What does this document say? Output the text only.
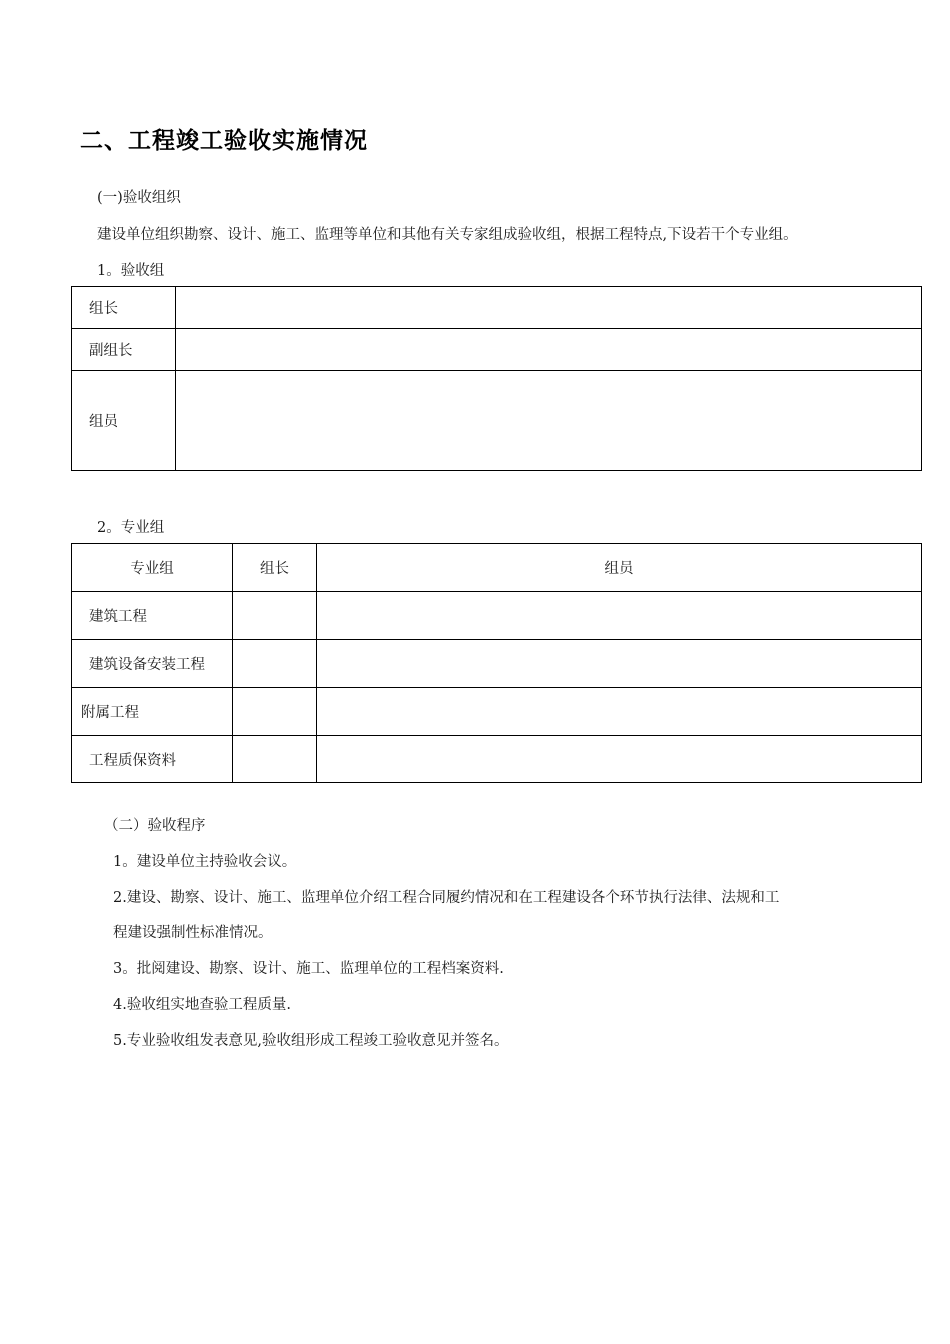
二、工程竣工验收实施情况
(一)验收组织
建设单位组织勘察、设计、施工、监理等单位和其他有关专家组成验收组，根据工程特点,下设若干个专业组。
1。验收组
组长	
副组长	
组员	
2。专业组
专业组	组长	组员
建筑工程		
建筑设备安装工程		
附属工程		
工程质保资料		
（二）验收程序
1。建设单位主持验收会议。
2.建设、勘察、设计、施工、监理单位介绍工程合同履约情况和在工程建设各个环节执行法律、法规和工
程建设强制性标准情况。
3。批阅建设、勘察、设计、施工、监理单位的工程档案资料.
4.验收组实地查验工程质量.
5.专业验收组发表意见,验收组形成工程竣工验收意见并签名。
